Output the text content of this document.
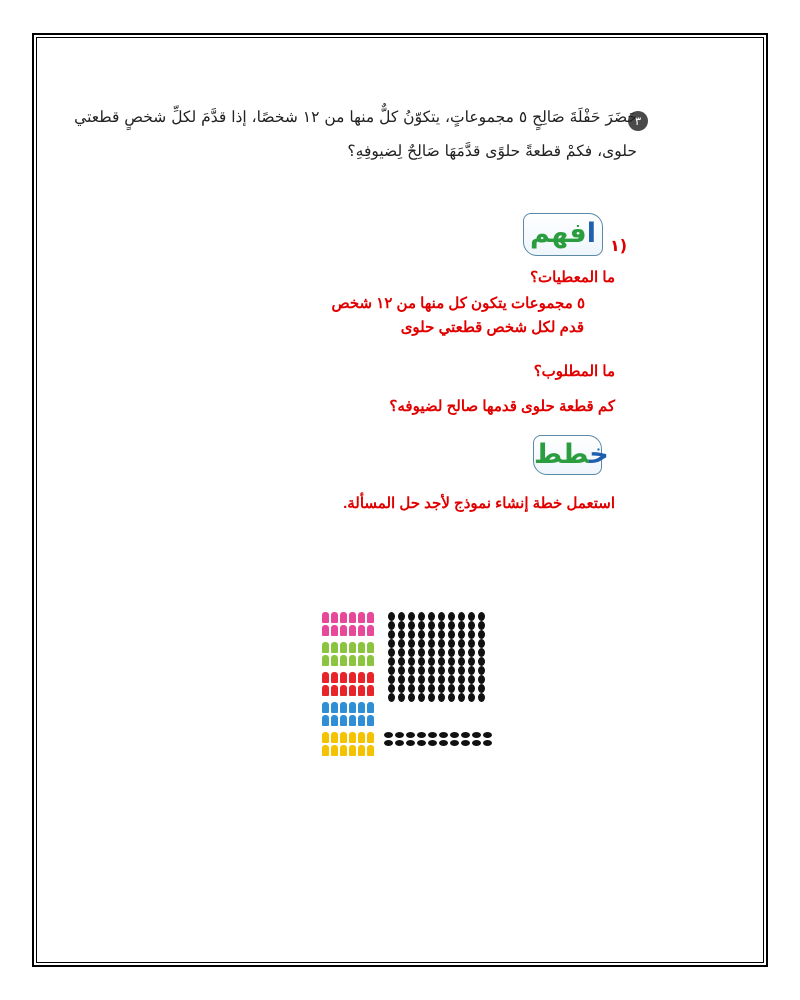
٣
حَضَرَ حَفْلَةَ صَالِحٍ ٥ مجموعاتٍ، يتكوّنُ كلٌّ منها من ١٢ شخصًا، إذا قدَّمَ لكلِّ شخصٍ قطعتي
حلوى، فكمْ قطعةً حلوًى قدَّمَهَا صَالِحٌ لِضيوفِهِ؟
افهم	١)
ما المعطيات؟
٥ مجموعات يتكون كل منها من ١٢ شخص
قدم لكل شخص قطعتي حلوى
ما المطلوب؟
كم قطعة حلوى قدمها صالح لضيوفه؟
خطط
استعمل خطة إنشاء نموذج لأجد حل المسألة.
